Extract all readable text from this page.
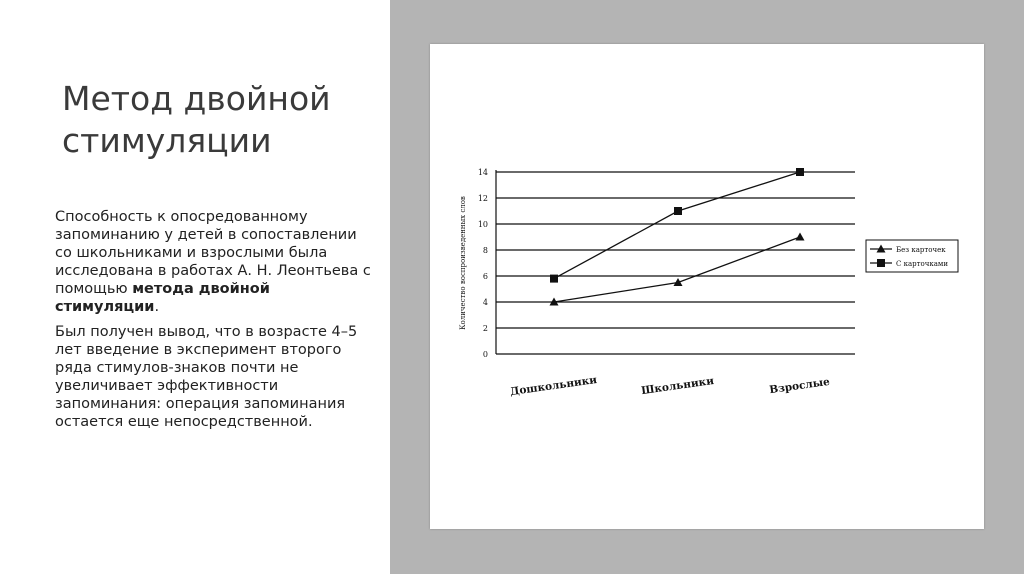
Метод двойной
стимуляции

Способность к опосредованному запоминанию у детей в сопоставлении со школьниками и взрослыми была исследована в работах А. Н. Леонтьева с помощью метода двойной стимуляции.

Был получен вывод, что в возрасте 4–5 лет введение в эксперимент второго ряда стимулов-знаков почти не увеличивает эффективности запоминания: операция запоминания остается еще непосредственной.

0
2
4
6
8
10
12
14
Количество воспроизведенных слов
Дошкольники	Школьники	Взрослые
Без карточек
С карточками
